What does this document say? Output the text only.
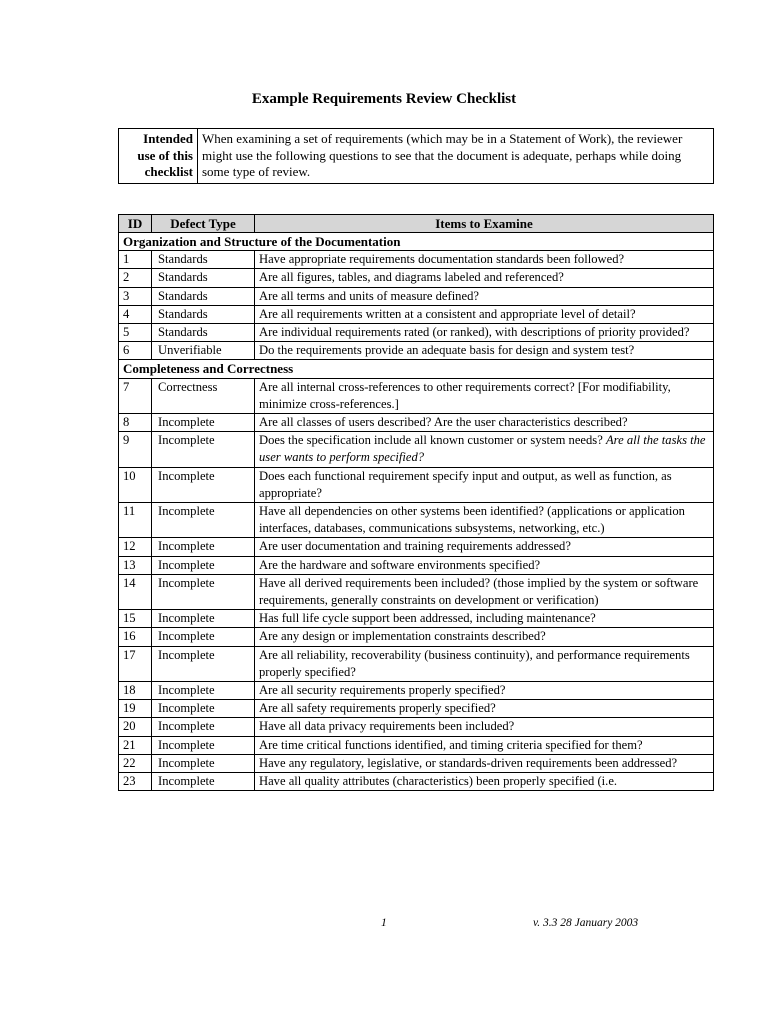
Example Requirements Review Checklist
Intended use of this checklist	When examining a set of requirements (which may be in a Statement of Work), the reviewer might use the following questions to see that the document is adequate, perhaps while doing some type of review.
ID	Defect Type	Items to Examine
Organization and Structure of the Documentation		
1	Standards	Have appropriate requirements documentation standards been followed?
2	Standards	Are all figures, tables, and diagrams labeled and referenced?
3	Standards	Are all terms and units of measure defined?
4	Standards	Are all requirements written at a consistent and appropriate level of detail?
5	Standards	Are individual requirements rated (or ranked), with descriptions of priority provided?
6	Unverifiable	Do the requirements provide an adequate basis for design and system test?
Completeness and Correctness		
7	Correctness	Are all internal cross-references to other requirements correct? [For modifiability, minimize cross-references.]
8	Incomplete	Are all classes of users described? Are the user characteristics described?
9	Incomplete	Does the specification include all known customer or system needs? Are all the tasks the user wants to perform specified?
10	Incomplete	Does each functional requirement specify input and output, as well as function, as appropriate?
11	Incomplete	Have all dependencies on other systems been identified? (applications or application interfaces, databases, communications subsystems, networking, etc.)
12	Incomplete	Are user documentation and training requirements addressed?
13	Incomplete	Are the hardware and software environments specified?
14	Incomplete	Have all derived requirements been included? (those implied by the system or software requirements, generally constraints on development or verification)
15	Incomplete	Has full life cycle support been addressed, including maintenance?
16	Incomplete	Are any design or implementation constraints described?
17	Incomplete	Are all reliability, recoverability (business continuity), and performance requirements properly specified?
18	Incomplete	Are all security requirements properly specified?
19	Incomplete	Are all safety requirements properly specified?
20	Incomplete	Have all data privacy requirements been included?
21	Incomplete	Are time critical functions identified, and timing criteria specified for them?
22	Incomplete	Have any regulatory, legislative, or standards-driven requirements been addressed?
23	Incomplete	Have all quality attributes (characteristics) been properly specified (i.e.
1	v. 3.3 28 January 2003
